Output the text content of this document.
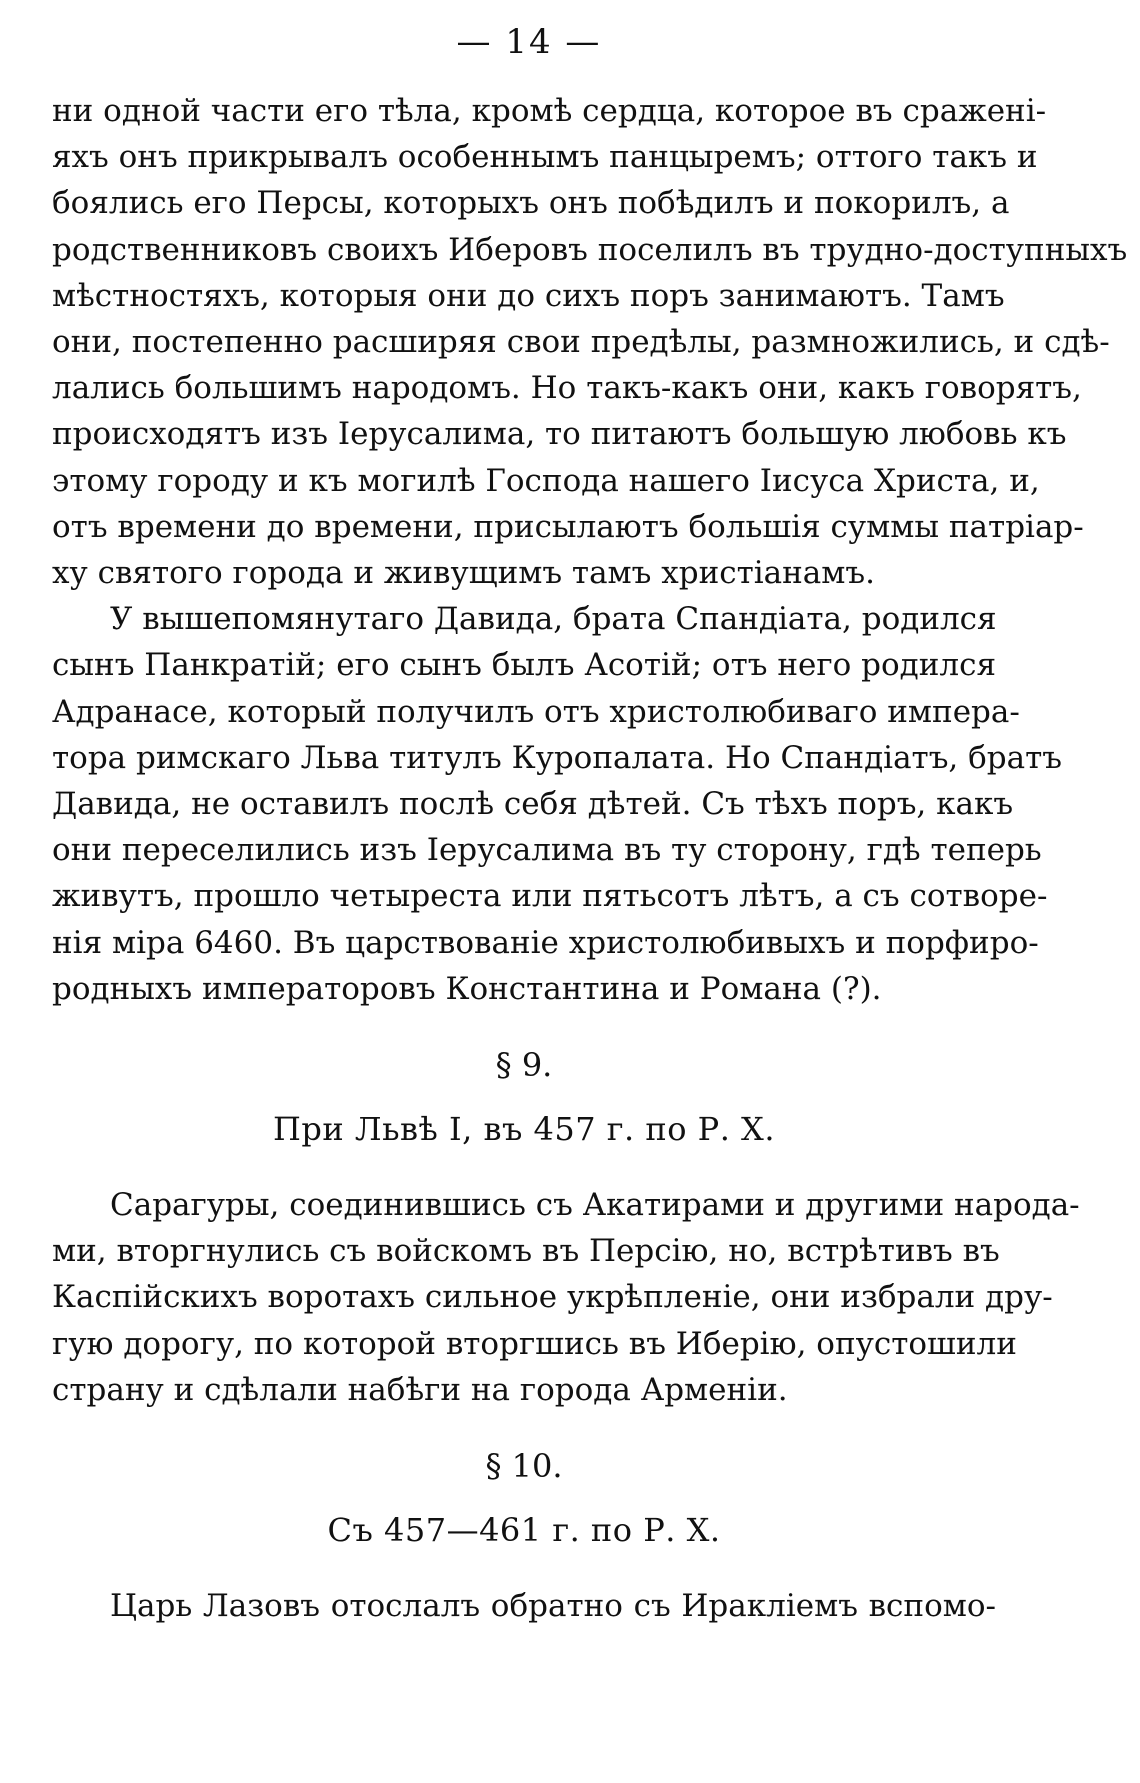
— 14 —
ни одной части его тѣла, кромѣ сердца, которое въ сраженi-
яхъ онъ прикрывалъ особеннымъ панцыремъ; оттого такъ и
боялись его Персы, которыхъ онъ побѣдилъ и покорилъ, а
родственниковъ своихъ Иберовъ поселилъ въ трудно-доступныхъ
мѣстностяхъ, которыя они до сихъ поръ занимаютъ. Тамъ
они, постепенно расширяя свои предѣлы, размножились, и сдѣ-
лались большимъ народомъ. Но такъ-какъ они, какъ говорятъ,
происходятъ изъ Iерусалима, то питаютъ большую любовь къ
этому городу и къ могилѣ Господа нашего Iисуса Христа, и,
отъ времени до времени, присылаютъ большiя суммы патрiар-
ху святого города и живущимъ тамъ христiанамъ.
У вышепомянутаго Давида, брата Спандiата, родился
сынъ Панкратiй; его сынъ былъ Асотiй; отъ него родился
Адранасе, который получилъ отъ христолюбиваго импера-
тора римскаго Льва титулъ Куропалата. Но Спандiатъ, братъ
Давида, не оставилъ послѣ себя дѣтей. Съ тѣхъ поръ, какъ
они переселились изъ Iерусалима въ ту сторону, гдѣ теперь
живутъ, прошло четыреста или пятьсотъ лѣтъ, а съ сотворе-
нiя мiра 6460. Въ царствованiе христолюбивыхъ и порфиро-
родныхъ императоровъ Константина и Романа (?).
§ 9.
При Львѣ I, въ 457 г. по Р. Х.
Сарагуры, соединившись съ Акатирами и другими народа-
ми, вторгнулись съ войскомъ въ Персiю, но, встрѣтивъ въ
Каспiйскихъ воротахъ сильное укрѣпленiе, они избрали дру-
гую дорогу, по которой вторгшись въ Иберiю, опустошили
страну и сдѣлали набѣги на города Арменiи.
§ 10.
Съ 457—461 г. по Р. Х.
Царь Лазовъ отослалъ обратно съ Иракліемъ вспомо-
